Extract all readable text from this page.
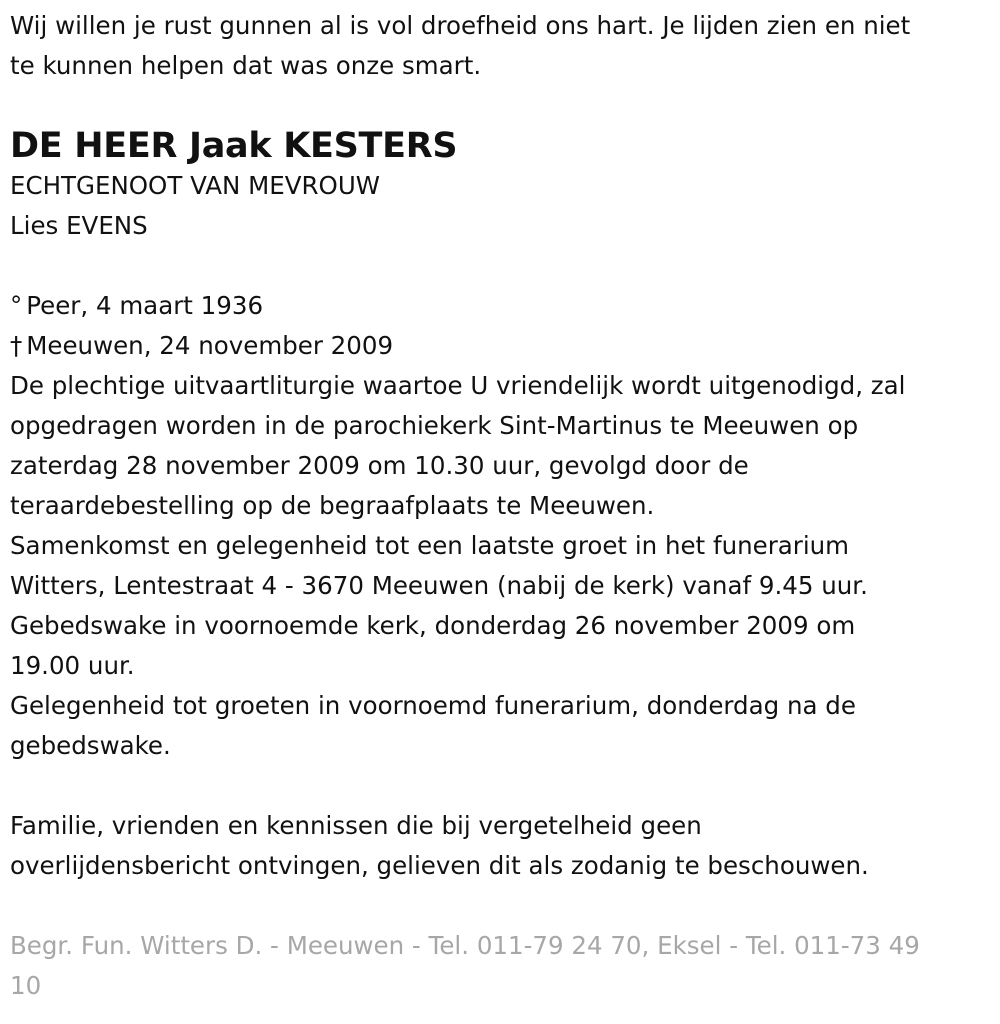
Wij willen je rust gunnen al is vol droefheid ons hart. Je lijden zien en niet
te kunnen helpen dat was onze smart.
DE HEER Jaak KESTERS
ECHTGENOOT VAN MEVROUW
Lies EVENS
° Peer, 4 maart 1936
† Meeuwen, 24 november 2009
De plechtige uitvaartliturgie waartoe U vriendelijk wordt uitgenodigd, zal
opgedragen worden in de parochiekerk Sint-Martinus te Meeuwen op
zaterdag 28 november 2009 om 10.30 uur, gevolgd door de
teraardebestelling op de begraafplaats te Meeuwen.
Samenkomst en gelegenheid tot een laatste groet in het funerarium
Witters, Lentestraat 4 - 3670 Meeuwen (nabij de kerk) vanaf 9.45 uur.
Gebedswake in voornoemde kerk, donderdag 26 november 2009 om
19.00 uur.
Gelegenheid tot groeten in voornoemd funerarium, donderdag na de
gebedswake.
Familie, vrienden en kennissen die bij vergetelheid geen
overlijdensbericht ontvingen, gelieven dit als zodanig te beschouwen.
Begr. Fun. Witters D. - Meeuwen - Tel. 011-79 24 70, Eksel - Tel. 011-73 49
10
